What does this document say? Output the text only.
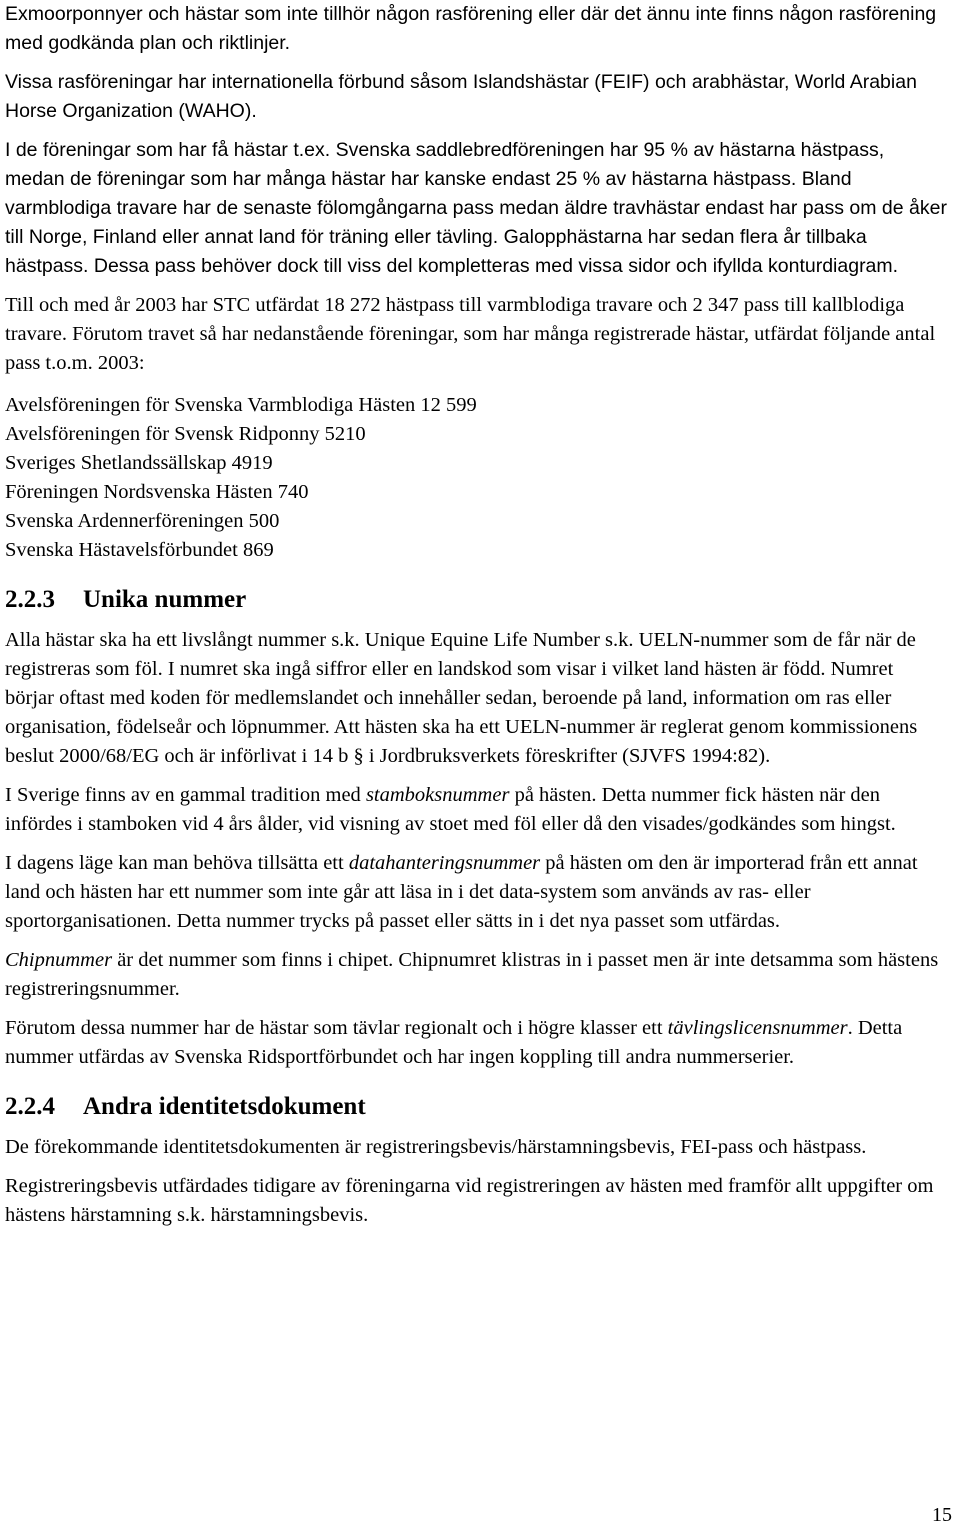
Exmoorponnyer och hästar som inte tillhör någon rasförening eller där det ännu inte finns någon rasförening med godkända plan och riktlinjer.

Vissa rasföreningar har internationella förbund såsom Islandshästar (FEIF) och arabhästar, World Arabian Horse Organization (WAHO).

I de föreningar som har få hästar t.ex. Svenska saddlebredföreningen har 95 % av hästarna hästpass, medan de föreningar som har många hästar har kanske endast 25 % av hästarna hästpass. Bland varmblodiga travare har de senaste fölomgångarna pass medan äldre travhästar endast har pass om de åker till Norge, Finland eller annat land för träning eller tävling. Galopphästarna har sedan flera år tillbaka hästpass. Dessa pass behöver dock till viss del kompletteras med vissa sidor och ifyllda konturdiagram.

Till och med år 2003 har STC utfärdat 18 272 hästpass till varmblodiga travare och 2 347 pass till kallblodiga travare. Förutom travet så har nedanstående föreningar, som har många registrerade hästar, utfärdat följande antal pass t.o.m. 2003:

Avelsföreningen för Svenska Varmblodiga Hästen 12 599
Avelsföreningen för Svensk Ridponny 5210
Sveriges Shetlandssällskap 4919
Föreningen Nordsvenska Hästen 740
Svenska Ardennerföreningen 500
Svenska Hästavelsförbundet 869
2.2.3 Unika nummer

Alla hästar ska ha ett livslångt nummer s.k. Unique Equine Life Number s.k. UELN-nummer som de får när de registreras som föl. I numret ska ingå siffror eller en landskod som visar i vilket land hästen är född. Numret börjar oftast med koden för medlemslandet och innehåller sedan, beroende på land, information om ras eller organisation, födelseår och löpnummer. Att hästen ska ha ett UELN-nummer är reglerat genom kommissionens beslut 2000/68/EG och är införlivat i 14 b § i Jordbruksverkets föreskrifter (SJVFS 1994:82).

I Sverige finns av en gammal tradition med stamboksnummer på hästen. Detta nummer fick hästen när den infördes i stamboken vid 4 års ålder, vid visning av stoet med föl eller då den visades/godkändes som hingst.

I dagens läge kan man behöva tillsätta ett datahanteringsnummer på hästen om den är importerad från ett annat land och hästen har ett nummer som inte går att läsa in i det data-system som används av ras- eller sportorganisationen. Detta nummer trycks på passet eller sätts in i det nya passet som utfärdas.

Chipnummer är det nummer som finns i chipet. Chipnumret klistras in i passet men är inte detsamma som hästens registreringsnummer.

Förutom dessa nummer har de hästar som tävlar regionalt och i högre klasser ett tävlingslicensnummer. Detta nummer utfärdas av Svenska Ridsportförbundet och har ingen koppling till andra nummerserier.

2.2.4 Andra identitetsdokument

De förekommande identitetsdokumenten är registreringsbevis/härstamningsbevis, FEI-pass och hästpass.

Registreringsbevis utfärdades tidigare av föreningarna vid registreringen av hästen med framför allt uppgifter om hästens härstamning s.k. härstamningsbevis.

15
